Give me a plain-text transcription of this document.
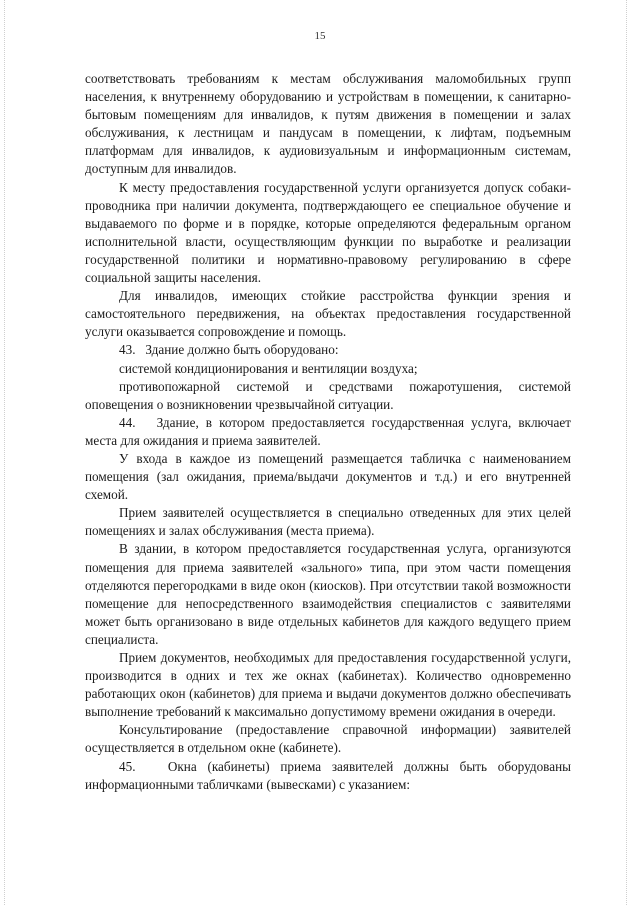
15

соответствовать требованиям к местам обслуживания маломобильных групп населения, к внутреннему оборудованию и устройствам в помещении, к санитарно-бытовым помещениям для инвалидов, к путям движения в помещении и залах обслуживания, к лестницам и пандусам в помещении, к лифтам, подъемным платформам для инвалидов, к аудиовизуальным и информационным системам, доступным для инвалидов.

К месту предоставления государственной услуги организуется допуск собаки-проводника при наличии документа, подтверждающего ее специальное обучение и выдаваемого по форме и в порядке, которые определяются федеральным органом исполнительной власти, осуществляющим функции по выработке и реализации государственной политики и нормативно-правовому регулированию в сфере социальной защиты населения.

Для инвалидов, имеющих стойкие расстройства функции зрения и самостоятельного передвижения, на объектах предоставления государственной услуги оказывается сопровождение и помощь.

43.   Здание должно быть оборудовано:

системой кондиционирования и вентиляции воздуха;

противопожарной системой и средствами пожаротушения, системой оповещения о возникновении чрезвычайной ситуации.

44.   Здание, в котором предоставляется государственная услуга, включает места для ожидания и приема заявителей.

У входа в каждое из помещений размещается табличка с наименованием помещения (зал ожидания, приема/выдачи документов и т.д.) и его внутренней схемой.

Прием заявителей осуществляется в специально отведенных для этих целей помещениях и залах обслуживания (места приема).

В здании, в котором предоставляется государственная услуга, организуются помещения для приема заявителей «зального» типа, при этом части помещения отделяются перегородками в виде окон (киосков). При отсутствии такой возможности помещение для непосредственного взаимодействия специалистов с заявителями может быть организовано в виде отдельных кабинетов для каждого ведущего прием специалиста.

Прием документов, необходимых для предоставления государственной услуги, производится в одних и тех же окнах (кабинетах). Количество одновременно работающих окон (кабинетов) для приема и выдачи документов должно обеспечивать выполнение требований к максимально допустимому времени ожидания в очереди.

Консультирование (предоставление справочной информации) заявителей осуществляется в отдельном окне (кабинете).

45.   Окна (кабинеты) приема заявителей должны быть оборудованы информационными табличками (вывесками) с указанием:
